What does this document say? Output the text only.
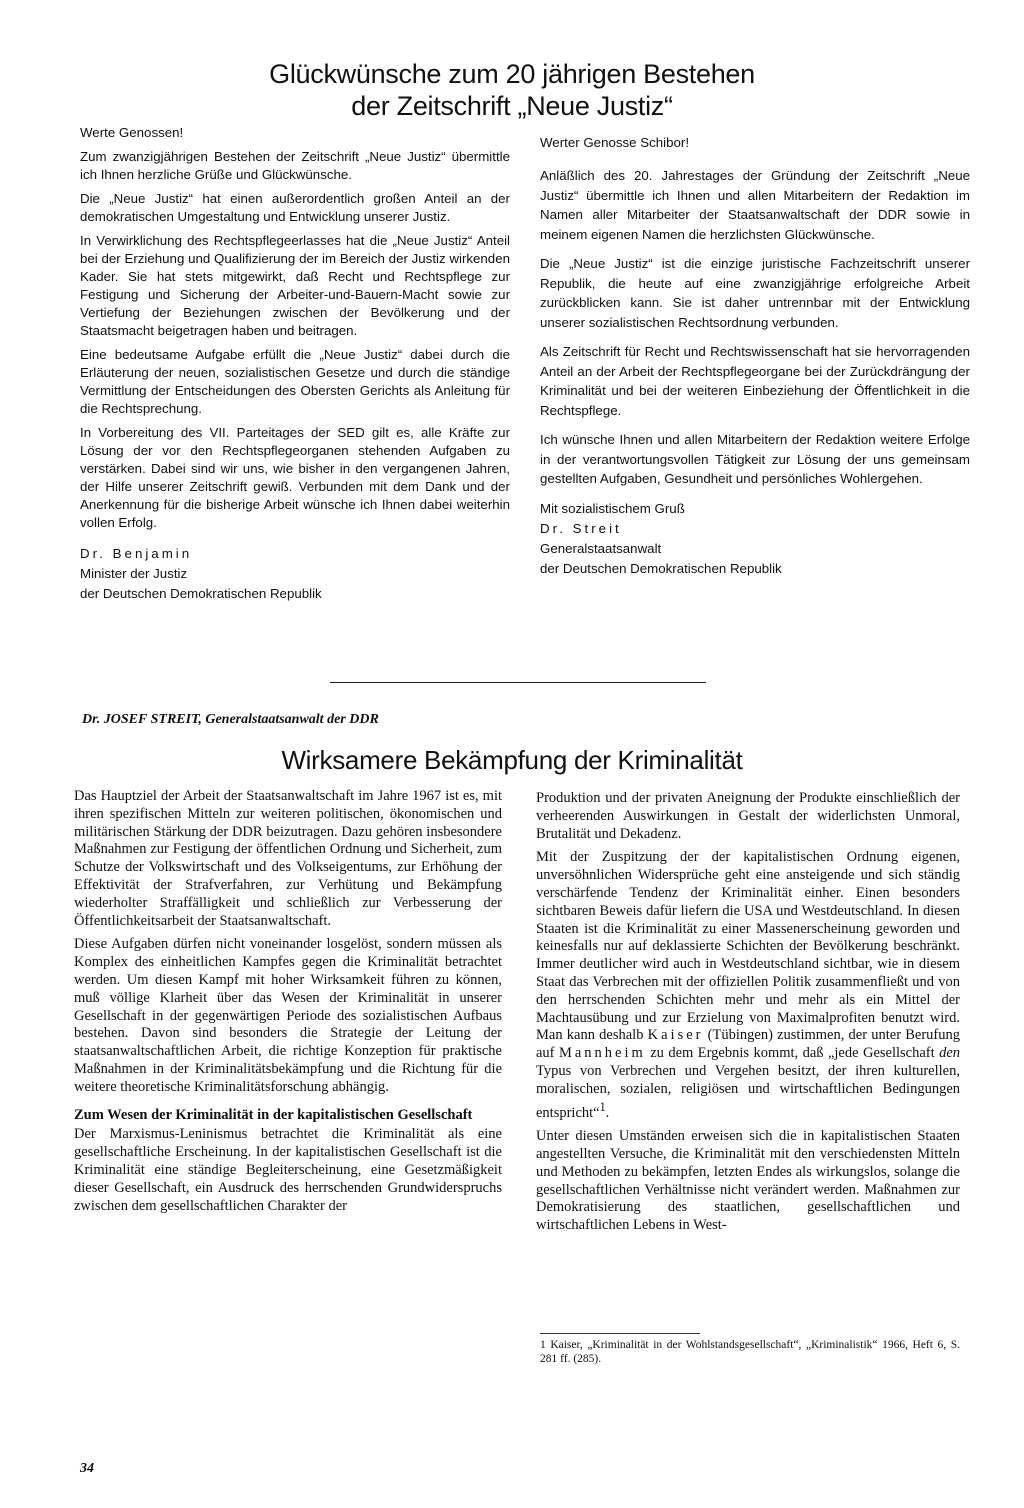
Glückwünsche zum 20 jährigen Bestehen
der Zeitschrift „Neue Justiz“

Werte Genossen!

Zum zwanzigjährigen Bestehen der Zeitschrift „Neue Justiz“ übermittle ich Ihnen herzliche Grüße und Glückwünsche.

Die „Neue Justiz“ hat einen außerordentlich großen Anteil an der demokratischen Umgestaltung und Entwicklung unserer Justiz.

In Verwirklichung des Rechtspflegeerlasses hat die „Neue Justiz“ Anteil bei der Erziehung und Qualifizierung der im Bereich der Justiz wirkenden Kader. Sie hat stets mitgewirkt, daß Recht und Rechtspflege zur Festigung und Sicherung der Arbeiter-und-Bauern-Macht sowie zur Vertiefung der Beziehungen zwischen der Bevölkerung und der Staatsmacht beigetragen haben und beitragen.

Eine bedeutsame Aufgabe erfüllt die „Neue Justiz“ dabei durch die Erläuterung der neuen, sozialistischen Gesetze und durch die ständige Vermittlung der Entscheidungen des Obersten Gerichts als Anleitung für die Rechtsprechung.

In Vorbereitung des VII. Parteitages der SED gilt es, alle Kräfte zur Lösung der vor den Rechtspflegeorganen stehenden Aufgaben zu verstärken. Dabei sind wir uns, wie bisher in den vergangenen Jahren, der Hilfe unserer Zeitschrift gewiß. Verbunden mit dem Dank und der Anerkennung für die bisherige Arbeit wünsche ich Ihnen dabei weiterhin vollen Erfolg.

Dr. Benjamin

Minister der Justiz

der Deutschen Demokratischen Republik

Werter Genosse Schibor!

Anläßlich des 20. Jahrestages der Gründung der Zeitschrift „Neue Justiz“ übermittle ich Ihnen und allen Mitarbeitern der Redaktion im Namen aller Mitarbeiter der Staatsanwaltschaft der DDR sowie in meinem eigenen Namen die herzlichsten Glückwünsche.

Die „Neue Justiz“ ist die einzige juristische Fachzeitschrift unserer Republik, die heute auf eine zwanzigjährige erfolgreiche Arbeit zurückblicken kann. Sie ist daher untrennbar mit der Entwicklung unserer sozialistischen Rechtsordnung verbunden.

Als Zeitschrift für Recht und Rechtswissenschaft hat sie hervorragenden Anteil an der Arbeit der Rechtspflegeorgane bei der Zurückdrängung der Kriminalität und bei der weiteren Einbeziehung der Öffentlichkeit in die Rechtspflege.

Ich wünsche Ihnen und allen Mitarbeitern der Redaktion weitere Erfolge in der verantwortungsvollen Tätigkeit zur Lösung der uns gemeinsam gestellten Aufgaben, Gesundheit und persönliches Wohlergehen.

Mit sozialistischem Gruß

Dr. Streit

Generalstaatsanwalt

der Deutschen Demokratischen Republik

Dr. JOSEF STREIT, Generalstaatsanwalt der DDR
Wirksamere Bekämpfung der Kriminalität

Das Hauptziel der Arbeit der Staatsanwaltschaft im Jahre 1967 ist es, mit ihren spezifischen Mitteln zur weiteren politischen, ökonomischen und militärischen Stärkung der DDR beizutragen. Dazu gehören insbesondere Maßnahmen zur Festigung der öffentlichen Ordnung und Sicherheit, zum Schutze der Volkswirtschaft und des Volkseigentums, zur Erhöhung der Effektivität der Strafverfahren, zur Verhütung und Bekämpfung wiederholter Straffälligkeit und schließlich zur Verbesserung der Öffentlichkeitsarbeit der Staatsanwaltschaft.

Diese Aufgaben dürfen nicht voneinander losgelöst, sondern müssen als Komplex des einheitlichen Kampfes gegen die Kriminalität betrachtet werden. Um diesen Kampf mit hoher Wirksamkeit führen zu können, muß völlige Klarheit über das Wesen der Kriminalität in unserer Gesellschaft in der gegenwärtigen Periode des sozialistischen Aufbaus bestehen. Davon sind besonders die Strategie der Leitung der staatsanwaltschaftlichen Arbeit, die richtige Konzeption für praktische Maßnahmen in der Kriminalitätsbekämpfung und die Richtung für die weitere theoretische Kriminalitätsforschung abhängig.

Zum Wesen der Kriminalität in der kapitalistischen Gesellschaft

Der Marxismus-Leninismus betrachtet die Kriminalität als eine gesellschaftliche Erscheinung. In der kapitalistischen Gesellschaft ist die Kriminalität eine ständige Begleiterscheinung, eine Gesetzmäßigkeit dieser Gesellschaft, ein Ausdruck des herrschenden Grundwiderspruchs zwischen dem gesellschaftlichen Charakter der

Produktion und der privaten Aneignung der Produkte einschließlich der verheerenden Auswirkungen in Gestalt der widerlichsten Unmoral, Brutalität und Dekadenz.

Mit der Zuspitzung der der kapitalistischen Ordnung eigenen, unversöhnlichen Widersprüche geht eine ansteigende und sich ständig verschärfende Tendenz der Kriminalität einher. Einen besonders sichtbaren Beweis dafür liefern die USA und Westdeutschland. In diesen Staaten ist die Kriminalität zu einer Massenerscheinung geworden und keinesfalls nur auf deklassierte Schichten der Bevölkerung beschränkt. Immer deutlicher wird auch in Westdeutschland sichtbar, wie in diesem Staat das Verbrechen mit der offiziellen Politik zusammenfließt und von den herrschenden Schichten mehr und mehr als ein Mittel der Machtausübung und zur Erzielung von Maximalprofiten benutzt wird. Man kann deshalb Kaiser (Tübingen) zustimmen, der unter Berufung auf Mannheim zu dem Ergebnis kommt, daß „jede Gesellschaft den Typus von Verbrechen und Vergehen besitzt, der ihren kulturellen, moralischen, sozialen, religiösen und wirtschaftlichen Bedingungen entspricht“$^1$.

Unter diesen Umständen erweisen sich die in kapitalistischen Staaten angestellten Versuche, die Kriminalität mit den verschiedensten Mitteln und Methoden zu bekämpfen, letzten Endes als wirkungslos, solange die gesellschaftlichen Verhältnisse nicht verändert werden. Maßnahmen zur Demokratisierung des staatlichen, gesellschaftlichen und wirtschaftlichen Lebens in West-

1 Kaiser, „Kriminalität in der Wohlstandsgesellschaft“, „Kriminalistik“ 1966, Heft 6, S. 281 ff. (285).
34
